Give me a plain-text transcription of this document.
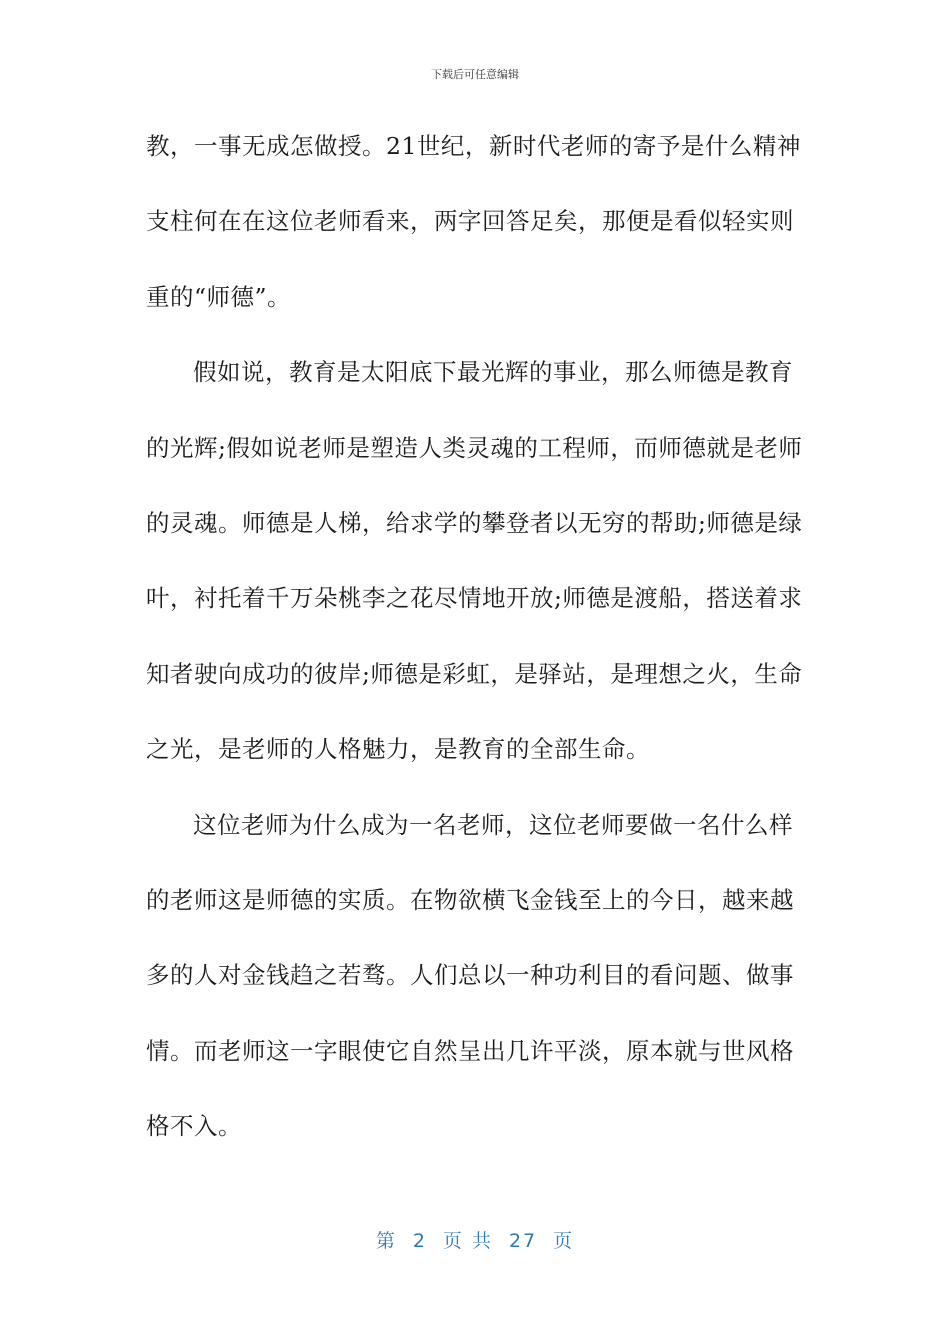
下载后可任意编辑
教，一事无成怎做授。21世纪，新时代老师的寄予是什么精神
支柱何在在这位老师看来，两字回答足矣，那便是看似轻实则
重的“师德”。
假如说，教育是太阳底下最光辉的事业，那么师德是教育
的光辉;假如说老师是塑造人类灵魂的工程师，而师德就是老师
的灵魂。师德是人梯，给求学的攀登者以无穷的帮助;师德是绿
叶，衬托着千万朵桃李之花尽情地开放;师德是渡船，搭送着求
知者驶向成功的彼岸;师德是彩虹，是驿站，是理想之火，生命
之光，是老师的人格魅力，是教育的全部生命。
这位老师为什么成为一名老师，这位老师要做一名什么样
的老师这是师德的实质。在物欲横飞金钱至上的今日，越来越
多的人对金钱趋之若骛。人们总以一种功利目的看问题、做事
情。而老师这一字眼使它自然呈出几许平淡，原本就与世风格
格不入。
第 2 页 共 27 页
